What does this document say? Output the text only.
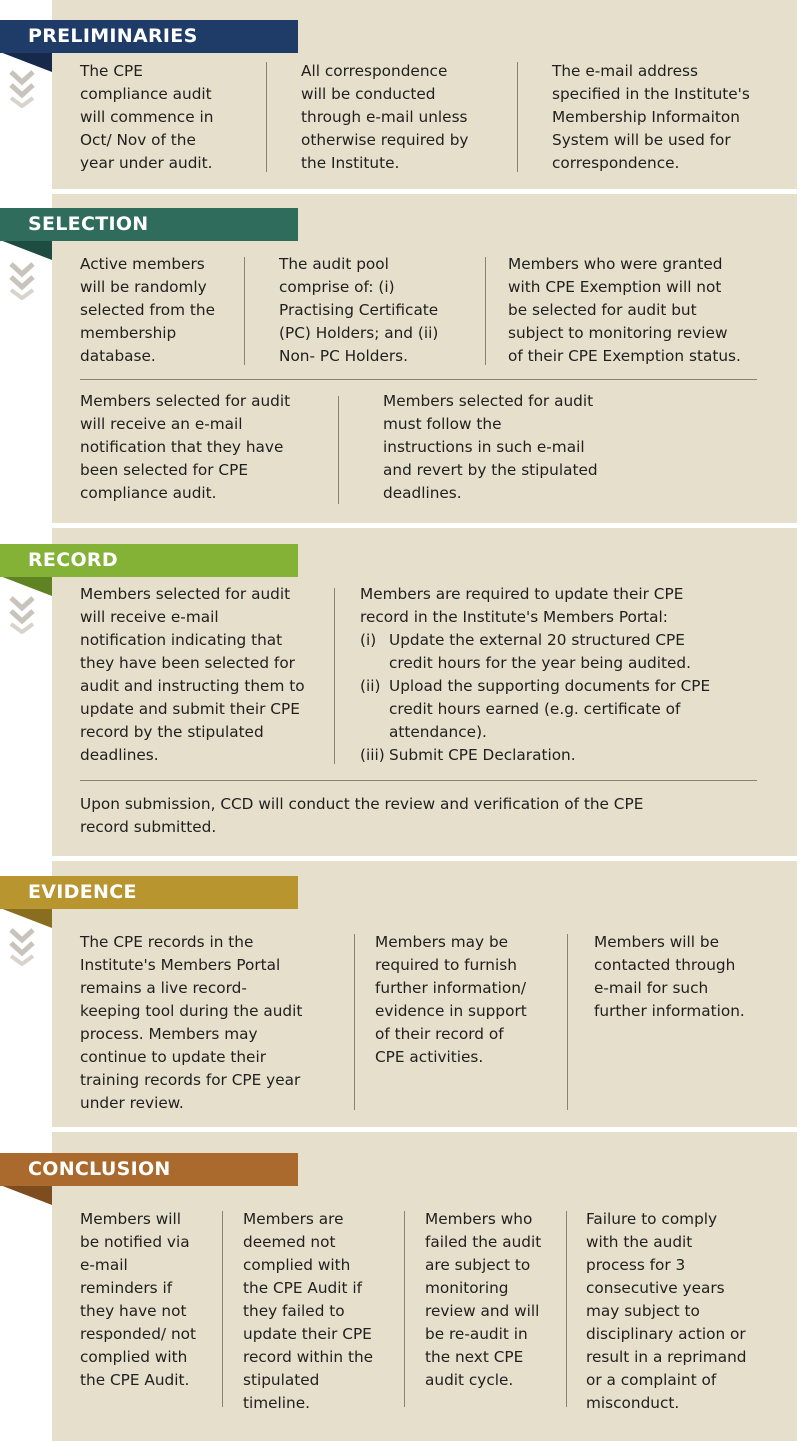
PRELIMINARIES
The CPE
compliance audit
will commence in
Oct/ Nov of the
year under audit.
All correspondence
will be conducted
through e-mail unless
otherwise required by
the Institute.
The e-mail address
specified in the Institute's
Membership Informaiton
System will be used for
correspondence.
SELECTION
Active members
will be randomly
selected from the
membership
database.
The audit pool
comprise of: (i)
Practising Certificate
(PC) Holders; and (ii)
Non- PC Holders.
Members who were granted
with CPE Exemption will not
be selected for audit but
subject to monitoring review
of their CPE Exemption status.
Members selected for audit
will receive an e-mail
notification that they have
been selected for CPE
compliance audit.
Members selected for audit
must follow the
instructions in such e-mail
and revert by the stipulated
deadlines.
RECORD
Members selected for audit
will receive e-mail
notification indicating that
they have been selected for
audit and instructing them to
update and submit their CPE
record by the stipulated
deadlines.
Members are required to update their CPE
record in the Institute's Members Portal:
(i) Update the external 20 structured CPE
credit hours for the year being audited.
(ii) Upload the supporting documents for CPE
credit hours earned (e.g. certificate of
attendance).
(iii) Submit CPE Declaration.
Upon submission, CCD will conduct the review and verification of the CPE
record submitted.
EVIDENCE
The CPE records in the
Institute's Members Portal
remains a live record-
keeping tool during the audit
process. Members may
continue to update their
training records for CPE year
under review.
Members may be
required to furnish
further information/
evidence in support
of their record of
CPE activities.
Members will be
contacted through
e-mail for such
further information.
CONCLUSION
Members will
be notified via
e-mail
reminders if
they have not
responded/ not
complied with
the CPE Audit.
Members are
deemed not
complied with
the CPE Audit if
they failed to
update their CPE
record within the
stipulated
timeline.
Members who
failed the audit
are subject to
monitoring
review and will
be re-audit in
the next CPE
audit cycle.
Failure to comply
with the audit
process for 3
consecutive years
may subject to
disciplinary action or
result in a reprimand
or a complaint of
misconduct.
